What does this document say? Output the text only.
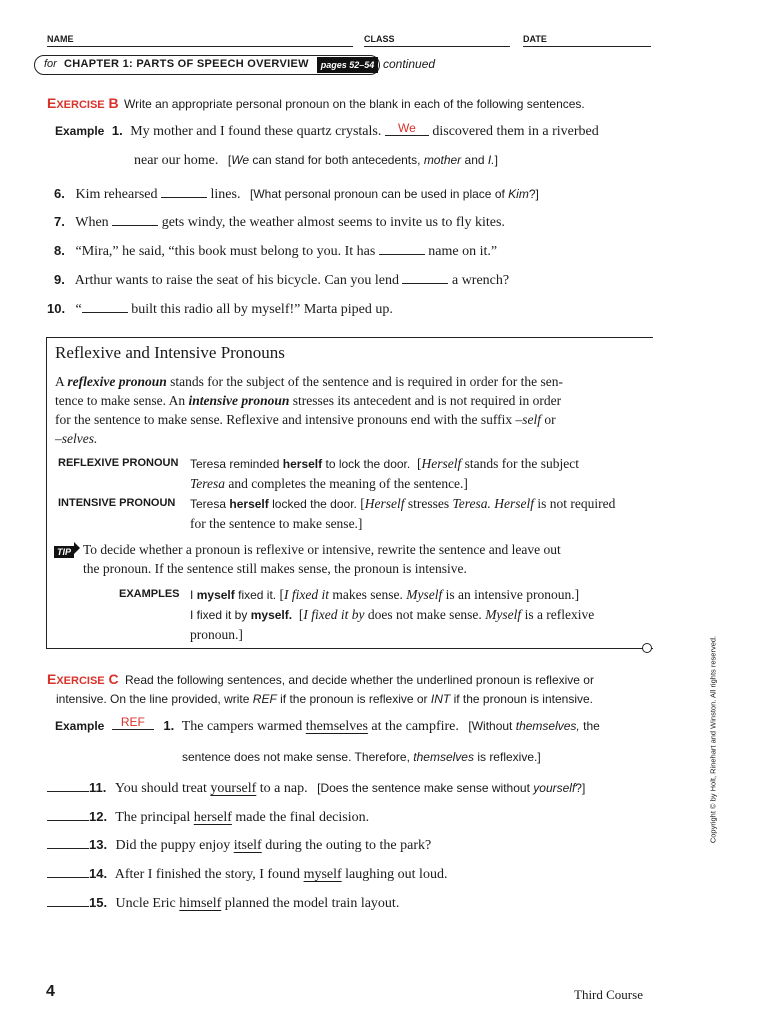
NAME	CLASS	DATE
for CHAPTER 1: PARTS OF SPEECH OVERVIEW	pages 52–54 continued
EXERCISE B Write an appropriate personal pronoun on the blank in each of the following sentences.
Example 1. My mother and I found these quartz crystals. We discovered them in a riverbed
near our home. [We can stand for both antecedents, mother and I.]
6. Kim rehearsed	lines. [What personal pronoun can be used in place of Kim?]
7. When	gets windy, the weather almost seems to invite us to fly kites.
8. “Mira,” he said, “this book must belong to you. It has	name on it.”
9. Arthur wants to raise the seat of his bicycle. Can you lend	a wrench?
10. “	built this radio all by myself!” Marta piped up.
Reflexive and Intensive Pronouns
A reflexive pronoun stands for the subject of the sentence and is required in order for the sen-
tence to make sense. An intensive pronoun stresses its antecedent and is not required in order
for the sentence to make sense. Reflexive and intensive pronouns end with the suffix –self or
–selves.
REFLEXIVE PRONOUN Teresa reminded herself to lock the door. [Herself stands for the subject
Teresa and completes the meaning of the sentence.]
INTENSIVE PRONOUN Teresa herself locked the door. [Herself stresses Teresa. Herself is not required
for the sentence to make sense.]
TIP To decide whether a pronoun is reflexive or intensive, rewrite the sentence and leave out
the pronoun. If the sentence still makes sense, the pronoun is intensive.
EXAMPLES I myself fixed it. [I fixed it makes sense. Myself is an intensive pronoun.]
I fixed it by myself. [I fixed it by does not make sense. Myself is a reflexive
pronoun.]
EXERCISE C Read the following sentences, and decide whether the underlined pronoun is reflexive or
intensive. On the line provided, write REF if the pronoun is reflexive or INT if the pronoun is intensive.
Example REF 1. The campers warmed themselves at the campfire. [Without themselves, the
sentence does not make sense. Therefore, themselves is reflexive.]
11. You should treat yourself to a nap. [Does the sentence make sense without yourself?]
12. The principal herself made the final decision.
13. Did the puppy enjoy itself during the outing to the park?
14. After I finished the story, I found myself laughing out loud.
15. Uncle Eric himself planned the model train layout.
Copyright © by Holt, Rinehart and Winston. All rights reserved.
4	Third Course
